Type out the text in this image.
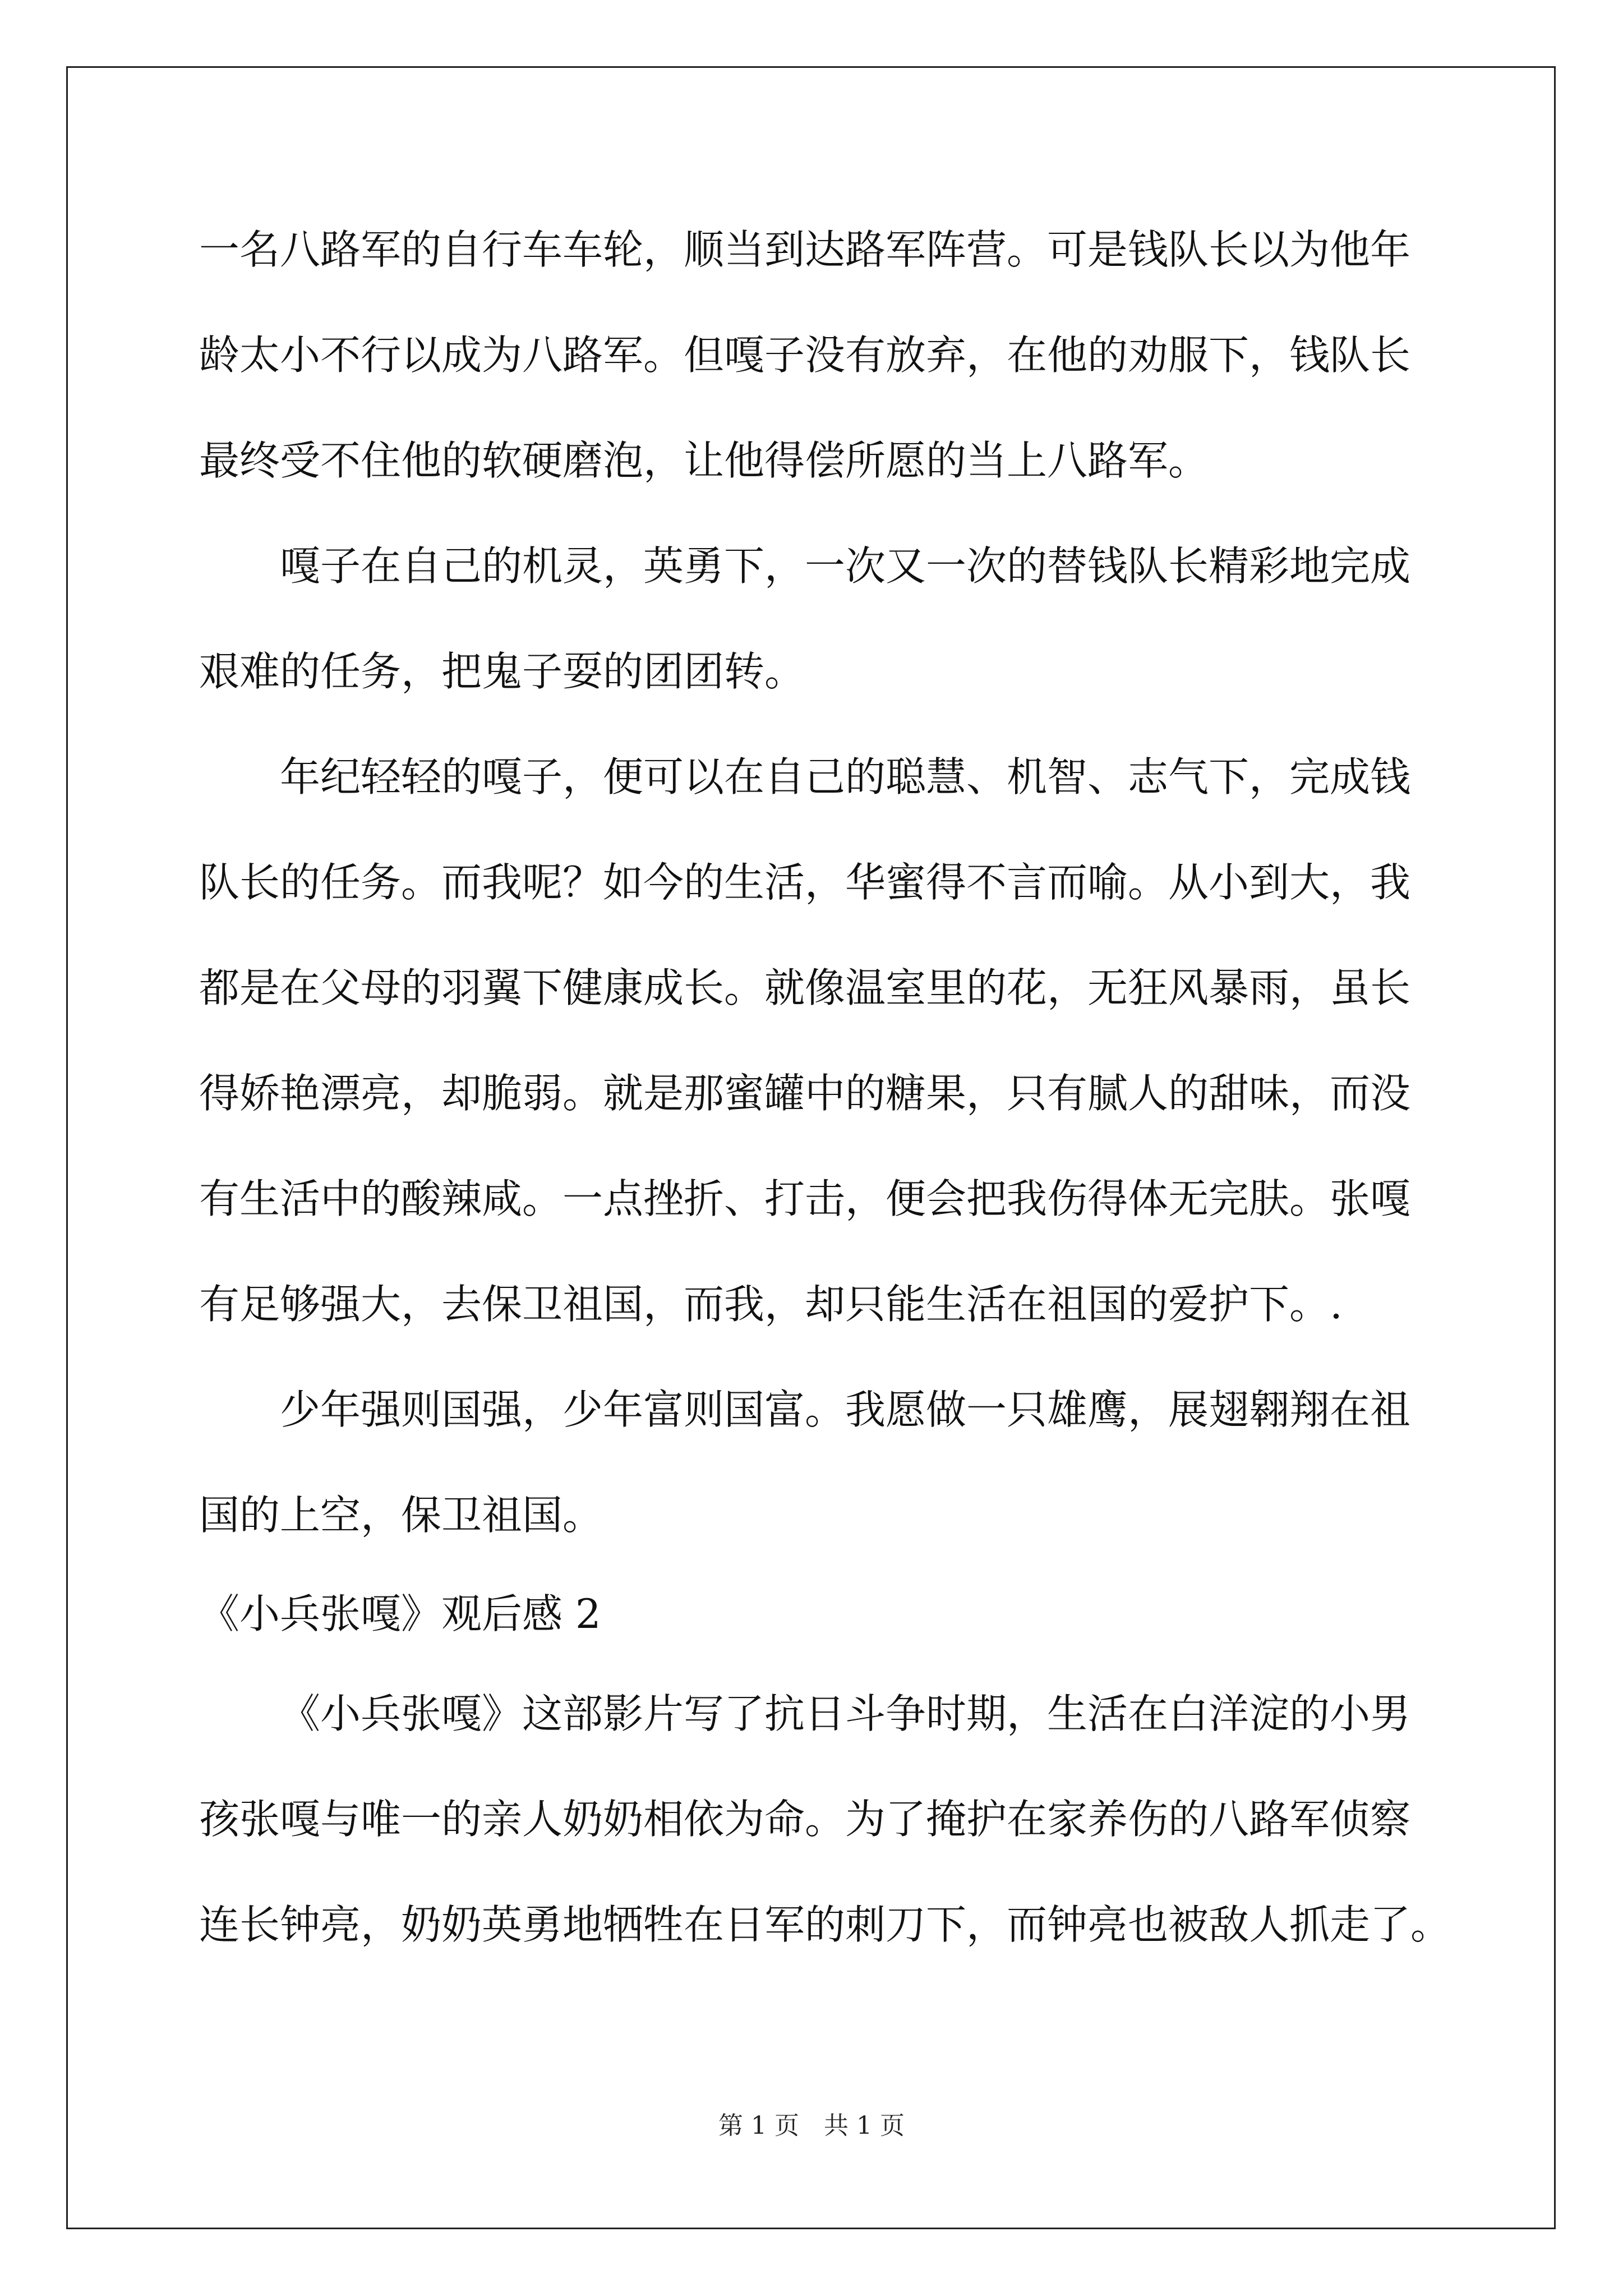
一名八路军的自行车车轮，顺当到达路军阵营。可是钱队长以为他年
龄太小不行以成为八路军。但嘎子没有放弃，在他的劝服下，钱队长
最终受不住他的软硬磨泡，让他得偿所愿的当上八路军。
嘎子在自己的机灵，英勇下，一次又一次的替钱队长精彩地完成
艰难的任务，把鬼子耍的团团转。
年纪轻轻的嘎子，便可以在自己的聪慧、机智、志气下，完成钱
队长的任务。而我呢？如今的生活，华蜜得不言而喻。从小到大，我
都是在父母的羽翼下健康成长。就像温室里的花，无狂风暴雨，虽长
得娇艳漂亮，却脆弱。就是那蜜罐中的糖果，只有腻人的甜味，而没
有生活中的酸辣咸。一点挫折、打击，便会把我伤得体无完肤。张嘎
有足够强大，去保卫祖国，而我，却只能生活在祖国的爱护下。.
少年强则国强，少年富则国富。我愿做一只雄鹰，展翅翱翔在祖
国的上空，保卫祖国。
《小兵张嘎》观后感 2
《小兵张嘎》这部影片写了抗日斗争时期，生活在白洋淀的小男
孩张嘎与唯一的亲人奶奶相依为命。为了掩护在家养伤的八路军侦察
连长钟亮，奶奶英勇地牺牲在日军的刺刀下，而钟亮也被敌人抓走了。
第 1 页　共 1 页
